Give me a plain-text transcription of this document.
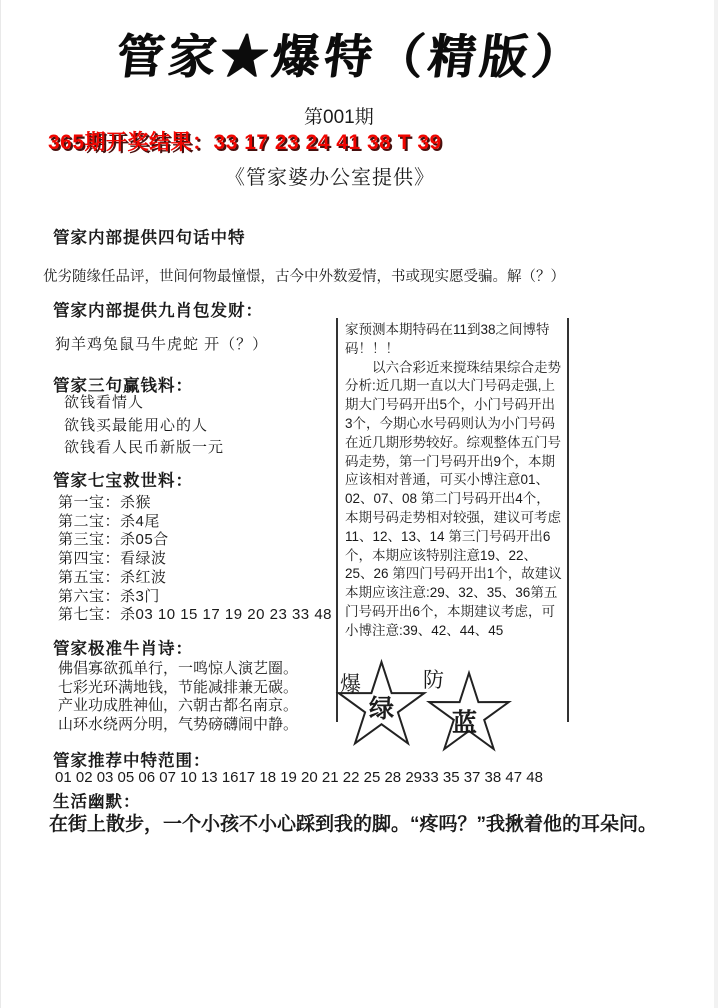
管家★爆特（精版）
第001期
365期开奖结果：33 17 23 24 41 38 T 39
《管家婆办公室提供》
管家内部提供四句话中特
优劣随缘任品评，世间何物最憧憬，古今中外数爱情，书或现实愿受骗。解（？）
管家内部提供九肖包发财：
狗羊鸡兔鼠马牛虎蛇 开（？）
管家三句赢钱料：
欲钱看情人
欲钱买最能用心的人
欲钱看人民币新版一元
管家七宝救世料：
第一宝：杀猴
第二宝：杀4尾
第三宝：杀05合
第四宝：看绿波
第五宝：杀红波
第六宝：杀3门
第七宝：杀03 10 15 17 19 20 23 33 48
管家极准牛肖诗：
佛倡寡欲孤单行，一鸣惊人演艺圈。
七彩光环满地钱，节能减排兼无碳。
产业功成胜神仙，六朝古都名南京。
山环水绕两分明，气势磅礴闹中静。
管家推荐中特范围：
01 02 03 05 06 07 10 13 1617 18 19 20 21 22 25 28 2933 35 37 38 47 48
生活幽默：
在街上散步，一个小孩不小心踩到我的脚。“疼吗？”我揪着他的耳朵问。

家预测本期特码在11到38之间博特码！！！

以六合彩近来搅珠结果综合走势分析:近几期一直以大门号码走强,上期大门号码开出5个，小门号码开出3个，今期心水号码则认为小门号码在近几期形势较好。综观整体五门号码走势，第一门号码开出9个，本期应该相对普通，可买小博注意01、02、07、08 第二门号码开出4个，本期号码走势相对较强，建议可考虑11、12、13、14 第三门号码开出6个，本期应该特别注意19、22、25、26 第四门号码开出1个，故建议本期应该注意:29、32、35、36第五门号码开出6个，本期建议考虑，可小博注意:39、42、44、45

爆	防
绿 蓝
